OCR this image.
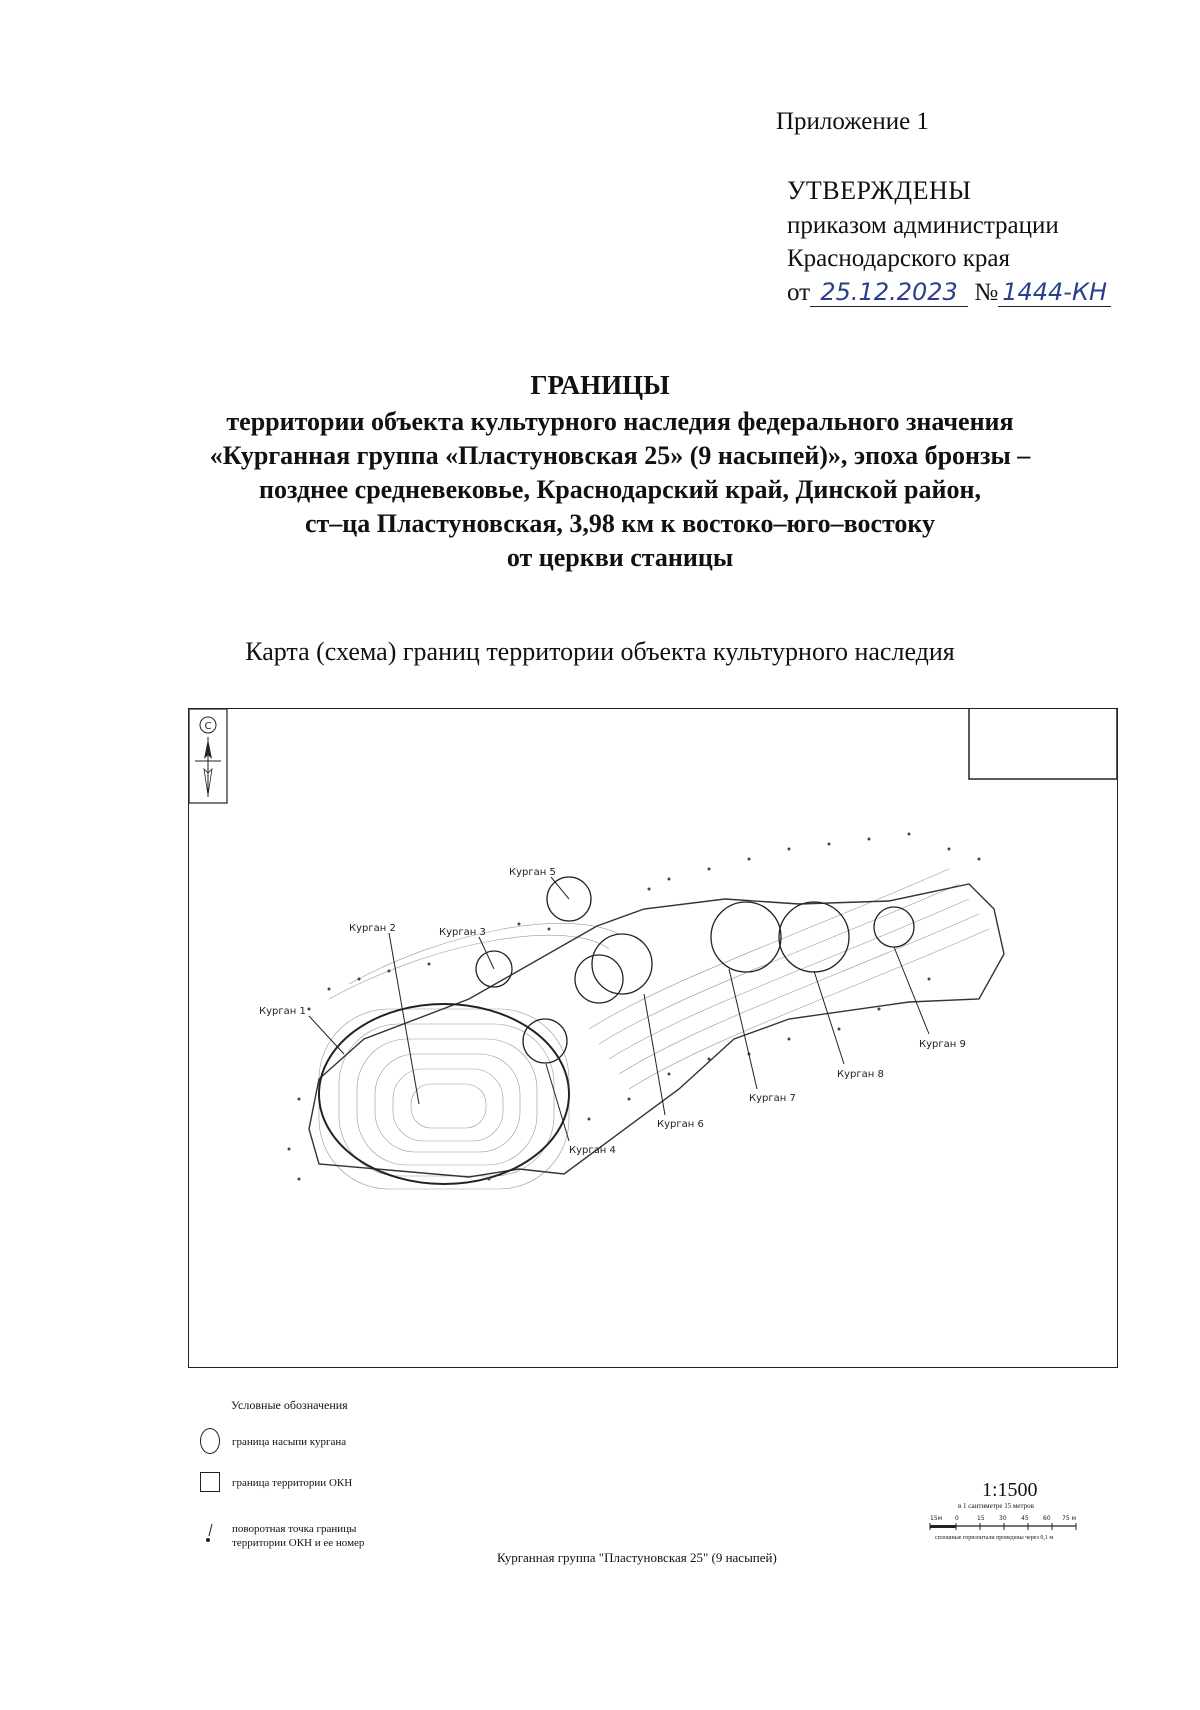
Приложение 1
УТВЕРЖДЕНЫ
приказом администрации
Краснодарского края
от 25.12.2023 № 1444-КН
ГРАНИЦЫ
территории объекта культурного наследия федерального значения
«Курганная группа «Пластуновская 25» (9 насыпей)», эпоха бронзы –
позднее средневековье, Краснодарский край, Динской район,
ст–ца Пластуновская, 3,98 км к востоко–юго–востоку
от церкви станицы
Карта (схема) границ территории объекта культурного наследия
С
Курган 1
Курган 2	Курган 3
Курган 4
Курган 5
Курган 6
Курган 7
Курган 8
Курган 9
Условные обозначения
граница насыпи кургана
граница территории ОКН
поворотная точка границы
территории ОКН и ее номер
1:1500
в 1 сантиметре 15 метров
15м 0	15 30 45 60 75 м
сплошные горизонтали проведены через 0,1 м
Курганная группа "Пластуновская 25" (9 насыпей)
